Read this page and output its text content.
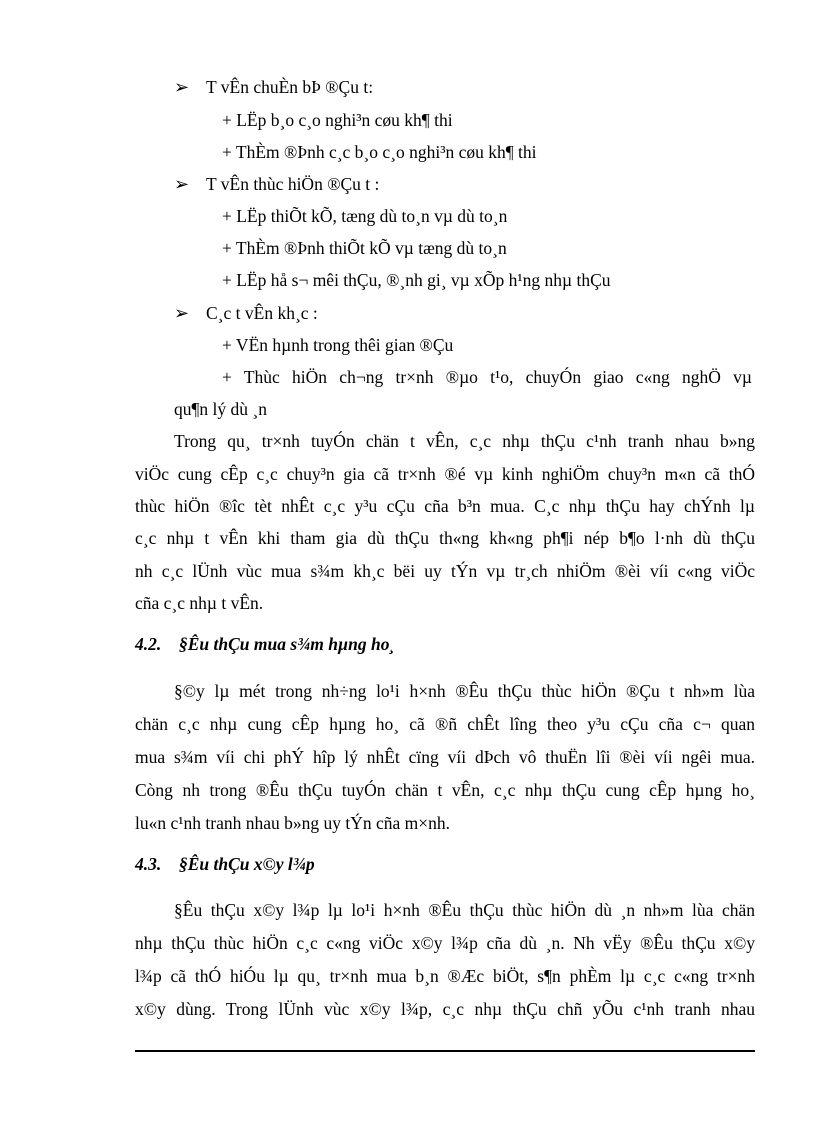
➢
➢
➢
T vÊn chuÈn bÞ ®Çu t:
+ LËp b¸o c¸o nghi³n cøu kh¶ thi
+ ThÈm ®Þnh c¸c b¸o c¸o nghi³n cøu kh¶ thi
T vÊn thùc hiÖn ®Çu t :
+ LËp thiÕt kÕ, tæng dù to¸n vµ dù to¸n
+ ThÈm ®Þnh thiÕt kÕ vµ tæng dù to¸n
+ LËp hå s¬ mêi thÇu, ®¸nh gi¸ vµ xÕp h¹ng nhµ thÇu
C¸c t vÊn kh¸c :
+ VËn hµnh trong thêi gian ®Çu
+ Thùc hiÖn ch¬ng tr×nh ®µo t¹o, chuyÓn giao c«ng nghÖ vµ
qu¶n lý dù ¸n
Trong qu¸ tr×nh tuyÓn chän t vÊn, c¸c nhµ thÇu c¹nh tranh nhau b»ng
viÖc cung cÊp c¸c chuy³n gia cã tr×nh ®é vµ kinh nghiÖm chuy³n m«n cã thÓ
thùc hiÖn ®îc tèt nhÊt c¸c y³u cÇu cña b³n mua. C¸c nhµ thÇu hay chÝnh lµ
c¸c nhµ t vÊn khi tham gia dù thÇu th«ng kh«ng ph¶i nép b¶o l·nh dù thÇu
nh c¸c lÜnh vùc mua s¾m kh¸c bëi uy tÝn vµ tr¸ch nhiÖm ®èi víi c«ng viÖc
cña c¸c nhµ t vÊn.
4.2. §Êu thÇu mua s¾m hµng ho¸
§©y lµ mét trong nh÷ng lo¹i h×nh ®Êu thÇu thùc hiÖn ®Çu t nh»m lùa
chän c¸c nhµ cung cÊp hµng ho¸ cã ®ñ chÊt lîng theo y³u cÇu cña c¬ quan
mua s¾m víi chi phÝ hîp lý nhÊt cïng víi dÞch vô thuËn lîi ®èi víi ngêi mua.
Còng nh trong ®Êu thÇu tuyÓn chän t vÊn, c¸c nhµ thÇu cung cÊp hµng ho¸
lu«n c¹nh tranh nhau b»ng uy tÝn cña m×nh.
4.3. §Êu thÇu x©y l¾p
§Êu thÇu x©y l¾p lµ lo¹i h×nh ®Êu thÇu thùc hiÖn dù ¸n nh»m lùa chän
nhµ thÇu thùc hiÖn c¸c c«ng viÖc x©y l¾p cña dù ¸n. Nh vËy ®Êu thÇu x©y
l¾p cã thÓ hiÓu lµ qu¸ tr×nh mua b¸n ®Æc biÖt, s¶n phÈm lµ c¸c c«ng tr×nh
x©y dùng. Trong lÜnh vùc x©y l¾p, c¸c nhµ thÇu chñ yÕu c¹nh tranh nhau
